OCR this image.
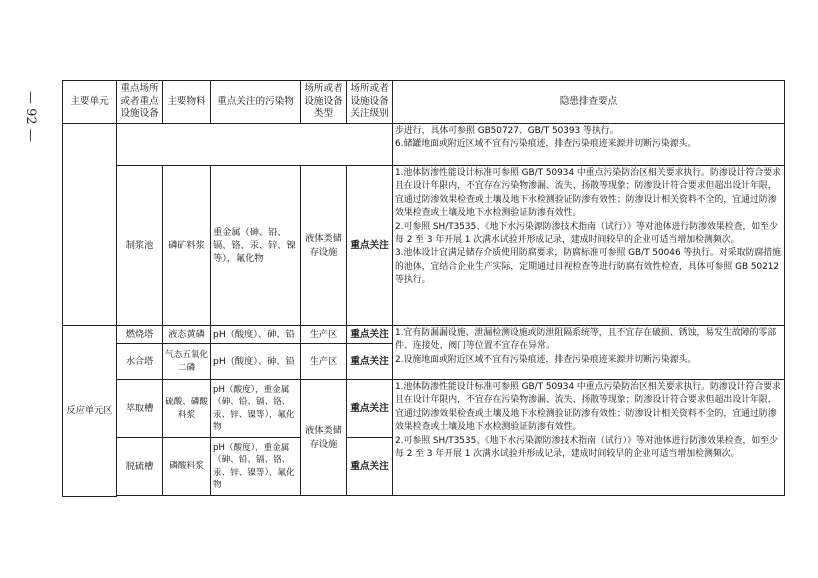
— 92 —	主要单元	重点场所或者重点设施设备	主要物料	重点关注的污染物	场所或者设施设备类型	场所或者设施设备关注级别	隐患排查要点

						步进行，具体可参照 GB50727、GB/T 50393 等执行。
6.储罐地面或附近区域不宜有污染痕迹，排查污染痕迹来源并切断污染源头。

	制浆池	磷矿料浆	重金属（砷、铅、镉、铬、汞、锌、镍等），氟化物	液体类储存设施	重点关注	1.池体防渗性能设计标准可参照 GB/T 50934 中重点污染防治区相关要求执行。防渗设计符合要求且在设计年限内，不宜存在污染物渗漏、流失、扬散等现象；防渗设计符合要求但超出设计年限，宜通过防渗效果检查或土壤及地下水检测验证防渗有效性；防渗设计相关资料不全的，宜通过防渗效果检查或土壤及地下水检测验证防渗有效性。
2.可参照 SH/T3535、《地下水污染源防渗技术指南（试行）》等对池体进行防渗效果检查，如至少每 2 至 3 年开展 1 次满水试验并形成记录，建成时间较早的企业可适当增加检测频次。
3.池体设计宜满足储存介质使用防腐要求，防腐标准可参照 GB/T 50046 等执行。对采取防腐措施的池体，宜结合企业生产实际，定期通过目视检查等进行防腐有效性检查，具体可参照 GB 50212 等执行。

反应单元区	燃烧塔	液态黄磷	pH（酸度）、砷、铅	生产区	重点关注	1.宜有防漏漏设施、泄漏检测设施或防泄阻隔系统等，且不宜存在破损、锈蚀，易发生故障的零部件、连接处、阀门等位置不宜存在异常。
2.设施地面或附近区域不宜有污染痕迹，排查污染痕迹来源并切断污染源头。

	水合塔	气态五氧化二磷	pH（酸度）、砷、铅	生产区	重点关注	
	萃取槽	硫酸、磷酸料浆	pH（酸度），重金属（砷、铅、镉、铬、汞、锌、镍等），氟化物	液体类储存设施	重点关注	1.池体防渗性能设计标准可参照 GB/T 50934 中重点污染防治区相关要求执行。防渗设计符合要求且在设计年限内，不宜存在污染物渗漏、流失、扬散等现象；防渗设计符合要求但超出设计年限，宜通过防渗效果检查或土壤及地下水检测验证防渗有效性；防渗设计相关资料不全的，宜通过防渗效果检查或土壤及地下水检测验证防渗有效性。
2.可参照 SH/T3535、《地下水污染源防渗技术指南（试行）》等对池体进行防渗效果检查，如至少每 2 至 3 年开展 1 次满水试验并形成记录，建成时间较早的企业可适当增加检测频次。

	脱硫槽	磷酸料浆	pH（酸度），重金属（砷、铅、镉、铬、汞、锌、镍等），氟化物		重点关注	
